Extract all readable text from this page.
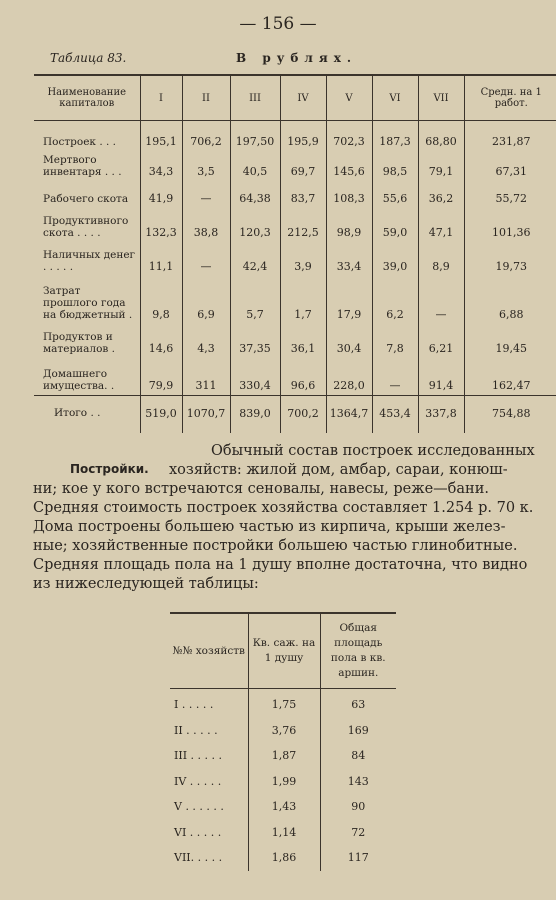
— 156 —
Таблица 83.	В рублях.
Наименование капиталов	I	II	III	IV	V	VI	VII	Средн. на 1 работ.
Построек . . .	195,1	706,2	197,50	195,9	702,3	187,3	68,80	231,87
Мертвого инвентаря . . .	34,3	3,5	40,5	69,7	145,6	98,5	79,1	67,31
Рабочего скота	41,9	—	64,38	83,7	108,3	55,6	36,2	55,72
Продуктивного скота . . . .	132,3	38,8	120,3	212,5	98,9	59,0	47,1	101,36
Наличных денег . . . . .	11,1	—	42,4	3,9	33,4	39,0	8,9	19,73
Затрат прошлого года на бюджетный .	9,8	6,9	5,7	1,7	17,9	6,2	—	6,88
Продуктов и материалов .	14,6	4,3	37,35	36,1	30,4	7,8	6,21	19,45
Домашнего имущества. .	79,9	311	330,4	96,6	228,0	—	91,4	162,47
Итого . .	519,0	1070,7	839,0	700,2	1364,7	453,4	337,8	754,88
Постройки.
Обычный состав построек исследованных
хозяйств: жилой дом, амбар, сараи, конюш-
ни; кое у кого встречаются сеновалы, навесы, реже—бани.
Средняя стоимость построек хозяйства составляет 1.254 р. 70 к.
Дома построены большею частью из кирпича, крыши желез-
ные; хозяйственные постройки большею частью глинобитные.
Средняя площадь пола на 1 душу вполне достаточна, что видно
из нижеследующей таблицы:
№№ хозяйств	Кв. саж. на 1 душу	Общая площадь пола в кв. аршин.
I . . . . .	1,75	63
II . . . . .	3,76	169
III . . . . .	1,87	84
IV . . . . .	1,99	143
V . . . . . .	1,43	90
VI . . . . .	1,14	72
VII. . . . .	1,86	117
